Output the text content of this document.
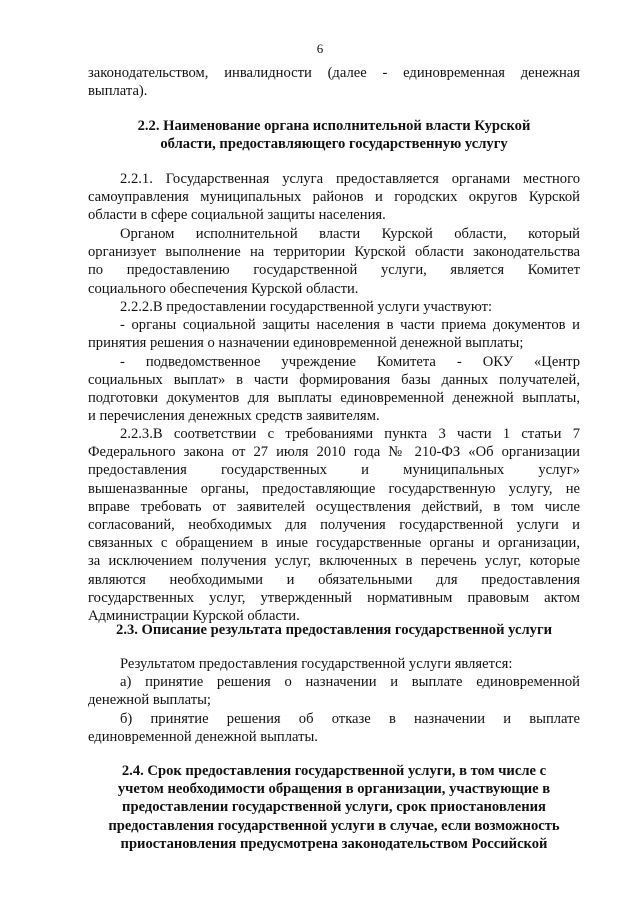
6

законодательством, инвалидности (далее - единовременная денежная

выплата).

2.2. Наименование органа исполнительной власти Курской

области, предоставляющего государственную услугу

2.2.1. Государственная услуга предоставляется органами местного

самоуправления муниципальных районов и городских округов Курской

области в сфере социальной защиты населения.

Органом исполнительной власти Курской области, который

организует выполнение на территории Курской области законодательства

по предоставлению государственной услуги, является Комитет

социального обеспечения Курской области.

2.2.2.В предоставлении государственной услуги участвуют:

- органы социальной защиты населения в части приема документов и

принятия решения о назначении единовременной денежной выплаты;

- подведомственное учреждение Комитета - ОКУ «Центр

социальных выплат» в части формирования базы данных получателей,

подготовки документов для выплаты единовременной денежной выплаты,

и перечисления денежных средств заявителям.

2.2.3.В соответствии с требованиями пункта 3 части 1 статьи 7

Федерального закона от 27 июля 2010 года № 210-ФЗ «Об организации

предоставления государственных и муниципальных услуг»

вышеназванные органы, предоставляющие государственную услугу, не

вправе требовать от заявителей осуществления действий, в том числе

согласований, необходимых для получения государственной услуги и

связанных с обращением в иные государственные органы и организации,

за исключением получения услуг, включенных в перечень услуг, которые

являются необходимыми и обязательными для предоставления

государственных услуг, утвержденный нормативным правовым актом

Администрации Курской области.

2.3. Описание результата предоставления государственной услуги

Результатом предоставления государственной услуги является:

а) принятие решения о назначении и выплате единовременной

денежной выплаты;

б) принятие решения об отказе в назначении и выплате

единовременной денежной выплаты.

2.4. Срок предоставления государственной услуги, в том числе с

учетом необходимости обращения в организации, участвующие в

предоставлении государственной услуги, срок приостановления

предоставления государственной услуги в случае, если возможность

приостановления предусмотрена законодательством Российской
